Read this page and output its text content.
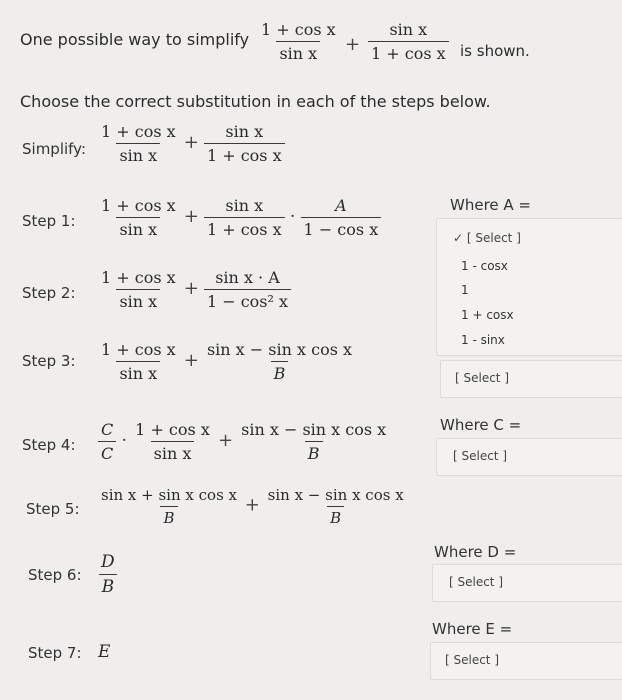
One possible way to simplify $\frac{\text{1 + cos x}}{\text{sin x}} + \frac{\text{sin x}}{\text{1 + cos x}}$ is shown.
Choose the correct substitution in each of the steps below.
Simplify: $\frac{\text{1 + cos x}}{\text{sin x}} + \frac{\text{sin x}}{\text{1 + cos x}}$
Step 1: $\frac{\text{1 + cos x}}{\text{sin x}} + \frac{\text{sin x}}{\text{1 + cos x}} \cdot \frac{A}{\text{1 − cos x}}$
Step 2: $\frac{\text{1 + cos x}}{\text{sin x}} + \frac{\text{sin x · A}}{\text{1 − cos² x}}$
Step 3: $\frac{\text{1 + cos x}}{\text{sin x}} + \frac{\text{sin x − sin x cos x}}{B}$
Step 4: $\frac{C}{C} \cdot \frac{\text{1 + cos x}}{\text{sin x}} + \frac{\text{sin x − sin x cos x}}{B}$
Step 5: $\frac{\text{sin x + sin x cos x}}{B} + \frac{\text{sin x − sin x cos x}}{B}$
Step 6: $\frac{D}{B}$
Step 7: E
Where A =
✓ [ Select ]
1 - cosx
1
1 + cosx
1 - sinx
[ Select ]
Where C =
[ Select ]
Where D =
[ Select ]
Where E =
[ Select ]
